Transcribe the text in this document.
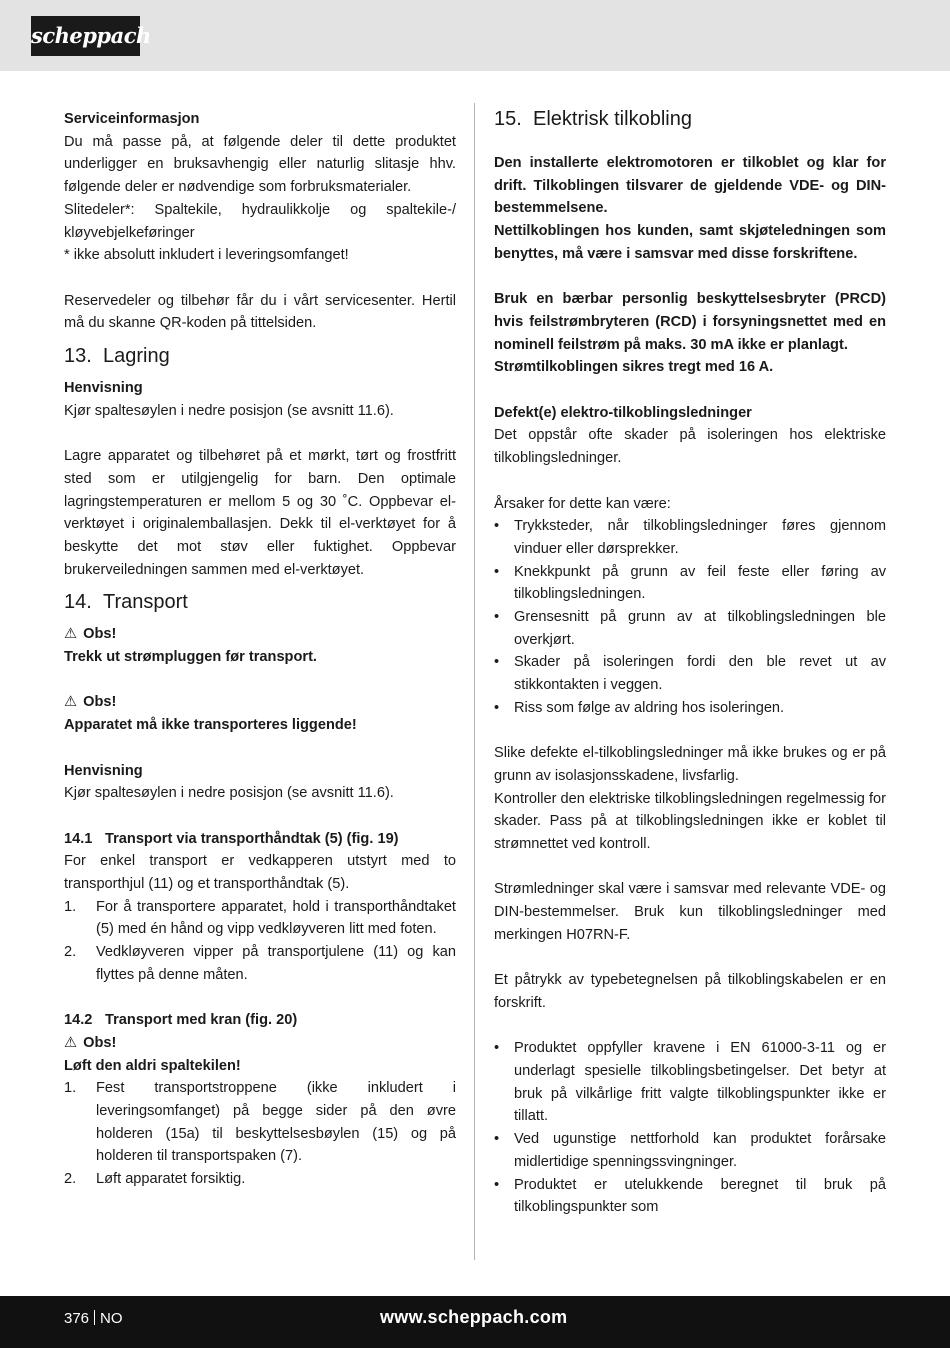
scheppach

Serviceinformasjon

Du må passe på, at følgende deler til dette produktet underligger en bruksavhengig eller naturlig slitasje hhv. følgende deler er nødvendige som forbruksmaterialer.

Slitedeler*: Spaltekile, hydraulikkolje og spaltekile-/ kløyvebjelkeføringer

* ikke absolutt inkludert i leveringsomfanget!

Reservedeler og tilbehør får du i vårt servicesenter. Hertil må du skanne QR-koden på tittelsiden.

13. Lagring

Henvisning

Kjør spaltesøylen i nedre posisjon (se avsnitt 11.6).

Lagre apparatet og tilbehøret på et mørkt, tørt og frostfritt sted som er utilgjengelig for barn. Den optimale lagringstemperaturen er mellom 5 og 30 ˚C. Oppbevar el-verktøyet i originalemballasjen. Dekk til el-verktøyet for å beskytte det mot støv eller fuktighet. Oppbevar brukerveiledningen sammen med el-verktøyet.

14. Transport

⚠ Obs!

Trekk ut strømpluggen før transport.

⚠ Obs!

Apparatet må ikke transporteres liggende!

Henvisning

Kjør spaltesøylen i nedre posisjon (se avsnitt 11.6).

14.1 Transport via transporthåndtak (5) (fig. 19)

For enkel transport er vedkapperen utstyrt med to transporthjul (11) og et transporthåndtak (5).

1. For å transportere apparatet, hold i transporthåndtaket (5) med én hånd og vipp vedkløyveren litt med foten.
2. Vedkløyveren vipper på transportjulene (11) og kan flyttes på denne måten.

14.2 Transport med kran (fig. 20)

⚠ Obs!

Løft den aldri spaltekilen!

1. Fest transportstroppene (ikke inkludert i leveringsomfanget) på begge sider på den øvre holderen (15a) til beskyttelsesbøylen (15) og på holderen til transportspaken (7).
2. Løft apparatet forsiktig.
15. Elektrisk tilkobling

Den installerte elektromotoren er tilkoblet og klar for drift. Tilkoblingen tilsvarer de gjeldende VDE- og DIN-bestemmelsene.

Nettilkoblingen hos kunden, samt skjøteledningen som benyttes, må være i samsvar med disse forskriftene.

Bruk en bærbar personlig beskyttelsesbryter (PRCD) hvis feilstrømbryteren (RCD) i forsyningsnettet med en nominell feilstrøm på maks. 30 mA ikke er planlagt.

Strømtilkoblingen sikres tregt med 16 A.

Defekt(e) elektro-tilkoblingsledninger

Det oppstår ofte skader på isoleringen hos elektriske tilkoblingsledninger.

Årsaker for dette kan være:

• Trykksteder, når tilkoblingsledninger føres gjennom vinduer eller dørsprekker.
• Knekkpunkt på grunn av feil feste eller føring av tilkoblingsledningen.
• Grensesnitt på grunn av at tilkoblingsledningen ble overkjørt.
• Skader på isoleringen fordi den ble revet ut av stikkontakten i veggen.
• Riss som følge av aldring hos isoleringen.

Slike defekte el-tilkoblingsledninger må ikke brukes og er på grunn av isolasjonsskadene, livsfarlig.

Kontroller den elektriske tilkoblingsledningen regelmessig for skader. Pass på at tilkoblingsledningen ikke er koblet til strømnettet ved kontroll.

Strømledninger skal være i samsvar med relevante VDE- og DIN-bestemmelser. Bruk kun tilkoblingsledninger med merkingen H07RN-F.

Et påtrykk av typebetegnelsen på tilkoblingskabelen er en forskrift.

• Produktet oppfyller kravene i EN 61000-3-11 og er underlagt spesielle tilkoblingsbetingelser. Det betyr at bruk på vilkårlige fritt valgte tilkoblingspunkter ikke er tillatt.
• Ved ugunstige nettforhold kan produktet forårsake midlertidige spenningssvingninger.
• Produktet er utelukkende beregnet til bruk på tilkoblingspunkter som
376 NO	www.scheppach.com
